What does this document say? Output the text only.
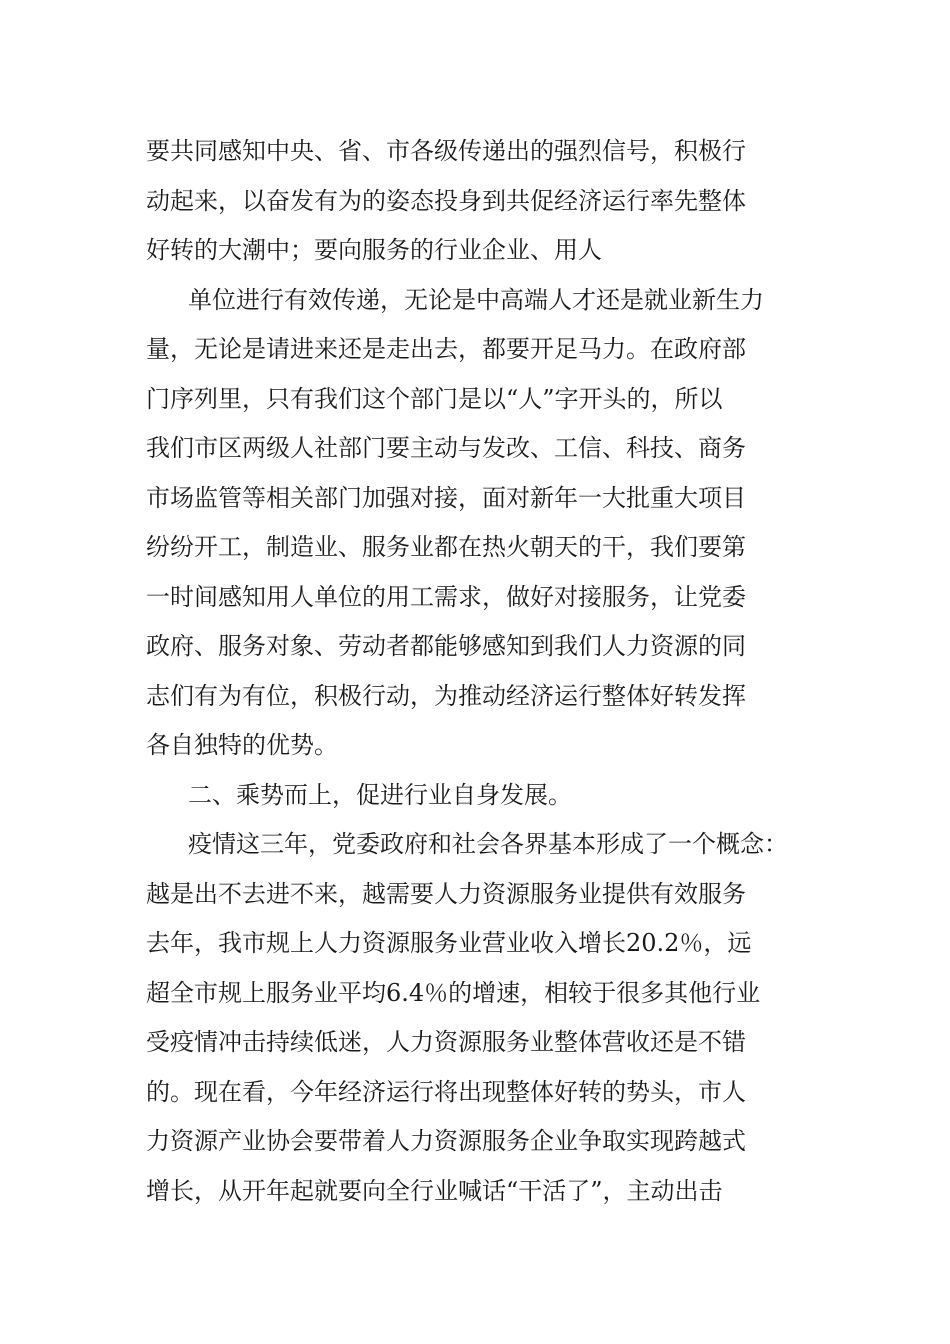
要共同感知中央、省、市各级传递出的强烈信号，积极行
动起来，以奋发有为的姿态投身到共促经济运行率先整体
好转的大潮中；要向服务的行业企业、用人
单位进行有效传递，无论是中高端人才还是就业新生力
量，无论是请进来还是走出去，都要开足马力。在政府部
门序列里，只有我们这个部门是以“人”字开头的，所以
我们市区两级人社部门要主动与发改、工信、科技、商务
市场监管等相关部门加强对接，面对新年一大批重大项目
纷纷开工，制造业、服务业都在热火朝天的干，我们要第
一时间感知用人单位的用工需求，做好对接服务，让党委
政府、服务对象、劳动者都能够感知到我们人力资源的同
志们有为有位，积极行动，为推动经济运行整体好转发挥
各自独特的优势。
二、乘势而上，促进行业自身发展。
疫情这三年，党委政府和社会各界基本形成了一个概念：
越是出不去进不来，越需要人力资源服务业提供有效服务
去年，我市规上人力资源服务业营业收入增长20.2％，远
超全市规上服务业平均6.4％的增速，相较于很多其他行业
受疫情冲击持续低迷，人力资源服务业整体营收还是不错
的。现在看，今年经济运行将出现整体好转的势头，市人
力资源产业协会要带着人力资源服务企业争取实现跨越式
增长，从开年起就要向全行业喊话“干活了”，主动出击
